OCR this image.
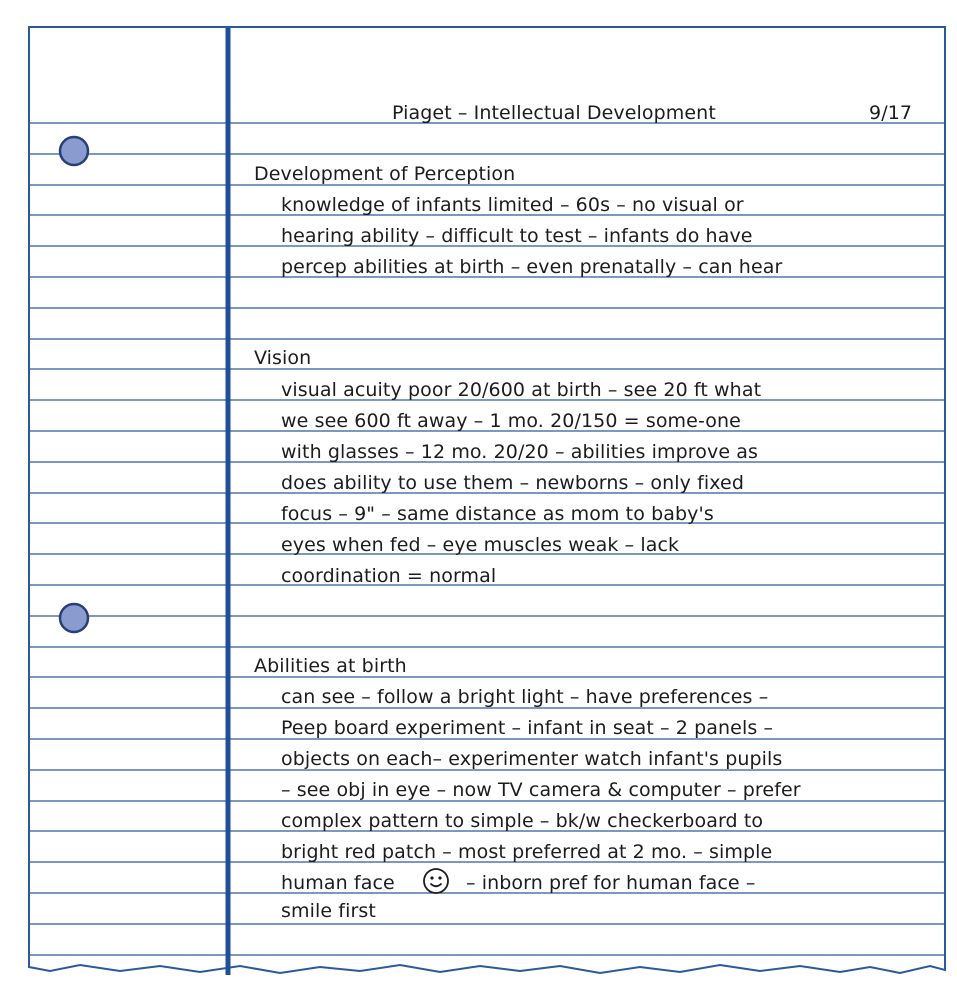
Piaget – Intellectual Development	9/17
Development of Perception
knowledge of infants limited – 60s – no visual or
hearing ability – difficult to test – infants do have
percep abilities at birth – even prenatally – can hear
Vision
visual acuity poor 20/600 at birth – see 20 ft what
we see 600 ft away – 1 mo. 20/150 = some-one
with glasses – 12 mo. 20/20 – abilities improve as
does ability to use them – newborns – only fixed
focus – 9" – same distance as mom to baby's
eyes when fed – eye muscles weak – lack
coordination = normal
Abilities at birth
can see – follow a bright light – have preferences –
Peep board experiment – infant in seat – 2 panels –
objects on each– experimenter watch infant's pupils
– see obj in eye – now TV camera & computer – prefer
complex pattern to simple – bk/w checkerboard to
bright red patch – most preferred at 2 mo. – simple
human face	– inborn pref for human face –
smile first
